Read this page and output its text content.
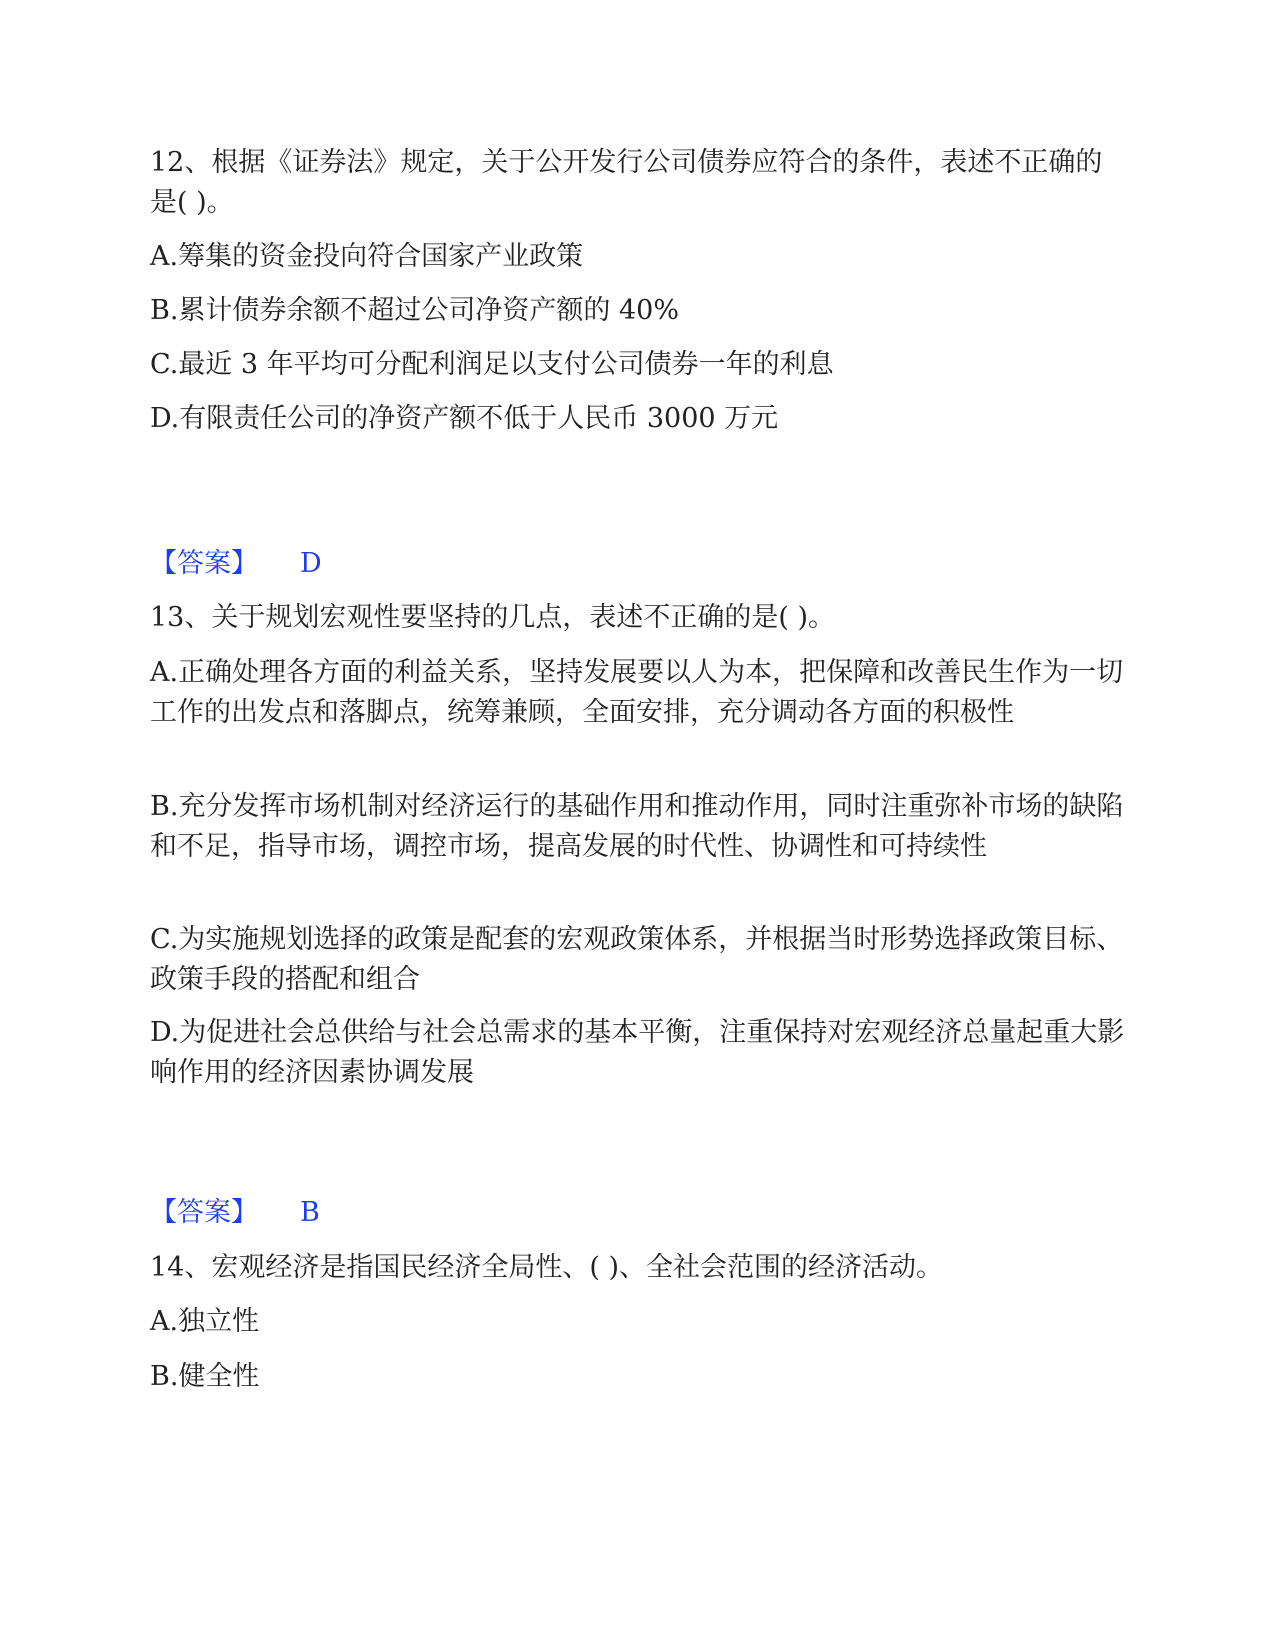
12、根据《证券法》规定，关于公开发行公司债券应符合的条件，表述不正确的是( )。
A.筹集的资金投向符合国家产业政策
B.累计债券余额不超过公司净资产额的 40%
C.最近 3 年平均可分配利润足以支付公司债券一年的利息
D.有限责任公司的净资产额不低于人民币 3000 万元
【答案】 D
13、关于规划宏观性要坚持的几点，表述不正确的是( )。
A.正确处理各方面的利益关系，坚持发展要以人为本，把保障和改善民生作为一切工作的出发点和落脚点，统筹兼顾，全面安排，充分调动各方面的积极性
B.充分发挥市场机制对经济运行的基础作用和推动作用，同时注重弥补市场的缺陷和不足，指导市场，调控市场，提高发展的时代性、协调性和可持续性
C.为实施规划选择的政策是配套的宏观政策体系，并根据当时形势选择政策目标、政策手段的搭配和组合
D.为促进社会总供给与社会总需求的基本平衡，注重保持对宏观经济总量起重大影响作用的经济因素协调发展
【答案】 B
14、宏观经济是指国民经济全局性、( )、全社会范围的经济活动。
A.独立性
B.健全性
